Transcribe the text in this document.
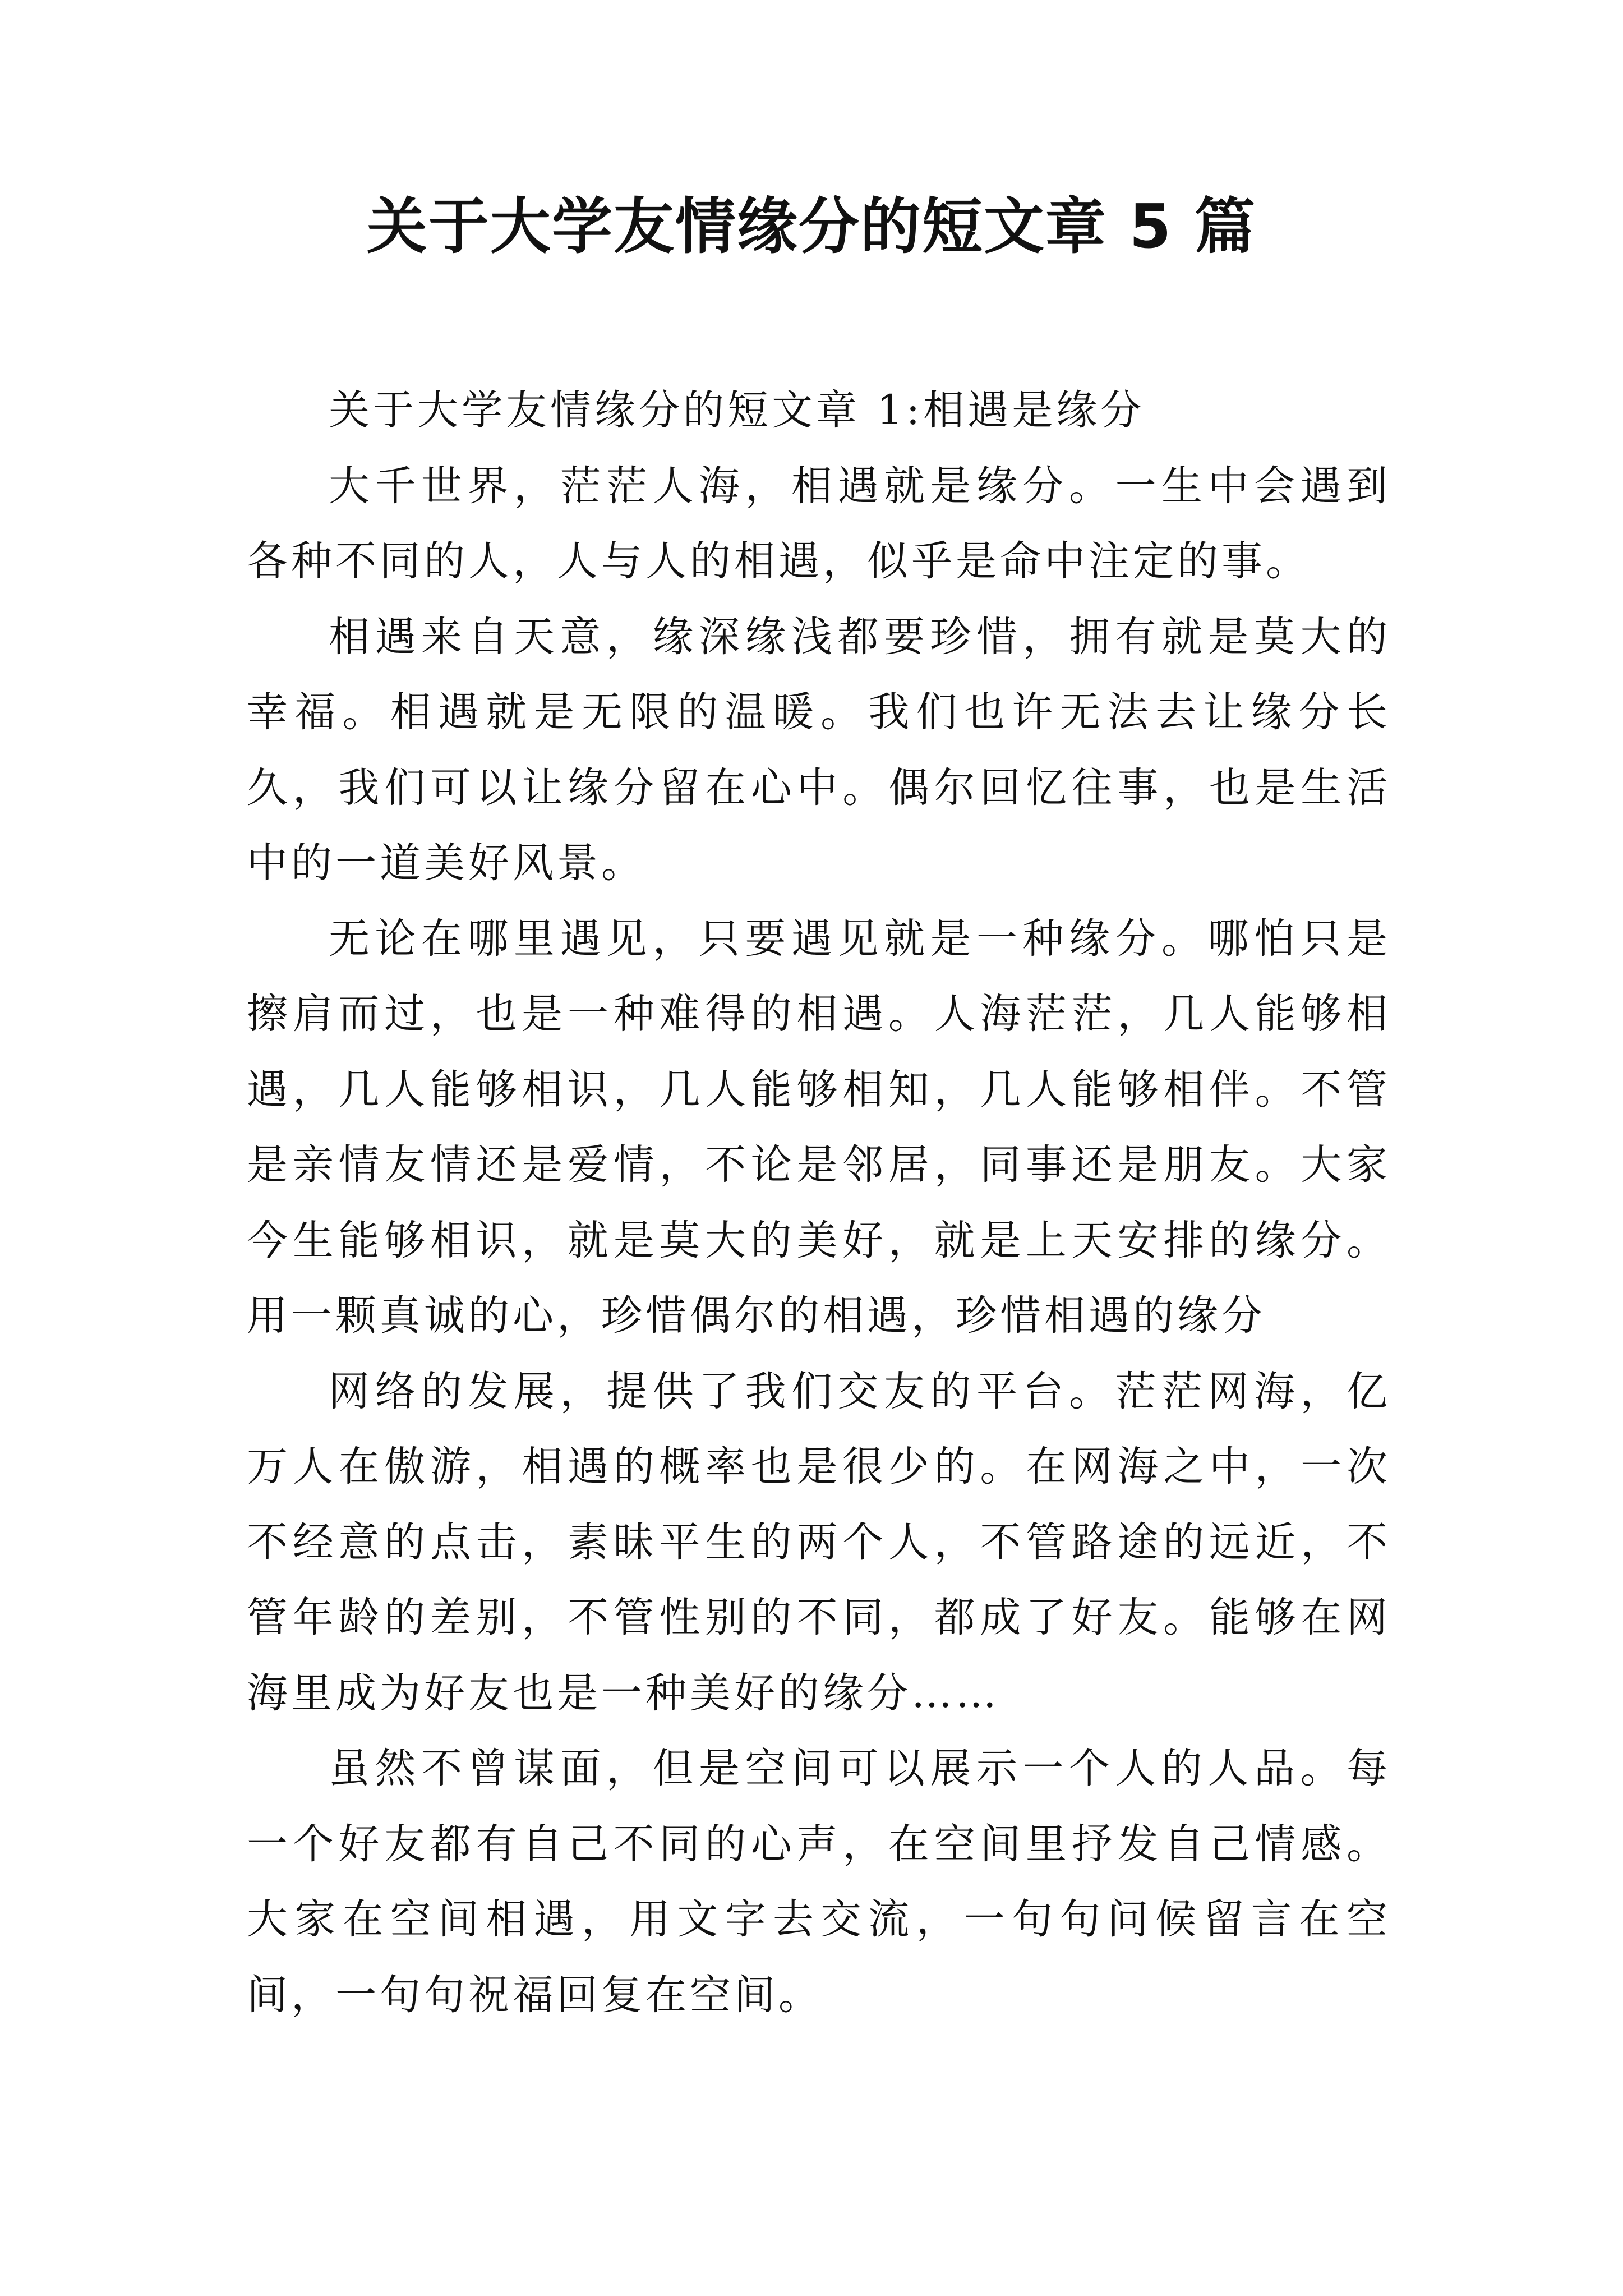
关于大学友情缘分的短文章 5 篇

关于大学友情缘分的短文章 1:相遇是缘分

大千世界，茫茫人海，相遇就是缘分。一生中会遇到各种不同的人，人与人的相遇，似乎是命中注定的事。

相遇来自天意，缘深缘浅都要珍惜，拥有就是莫大的幸福。相遇就是无限的温暖。我们也许无法去让缘分长久，我们可以让缘分留在心中。偶尔回忆往事，也是生活中的一道美好风景。

无论在哪里遇见，只要遇见就是一种缘分。哪怕只是擦肩而过，也是一种难得的相遇。人海茫茫，几人能够相遇，几人能够相识，几人能够相知，几人能够相伴。不管是亲情友情还是爱情，不论是邻居，同事还是朋友。大家今生能够相识，就是莫大的美好，就是上天安排的缘分。用一颗真诚的心，珍惜偶尔的相遇，珍惜相遇的缘分

网络的发展，提供了我们交友的平台。茫茫网海，亿万人在傲游，相遇的概率也是很少的。在网海之中，一次不经意的点击，素昧平生的两个人，不管路途的远近，不管年龄的差别，不管性别的不同，都成了好友。能够在网海里成为好友也是一种美好的缘分……

虽然不曾谋面，但是空间可以展示一个人的人品。每一个好友都有自己不同的心声，在空间里抒发自己情感。大家在空间相遇，用文字去交流，一句句问候留言在空间，一句句祝福回复在空间。
